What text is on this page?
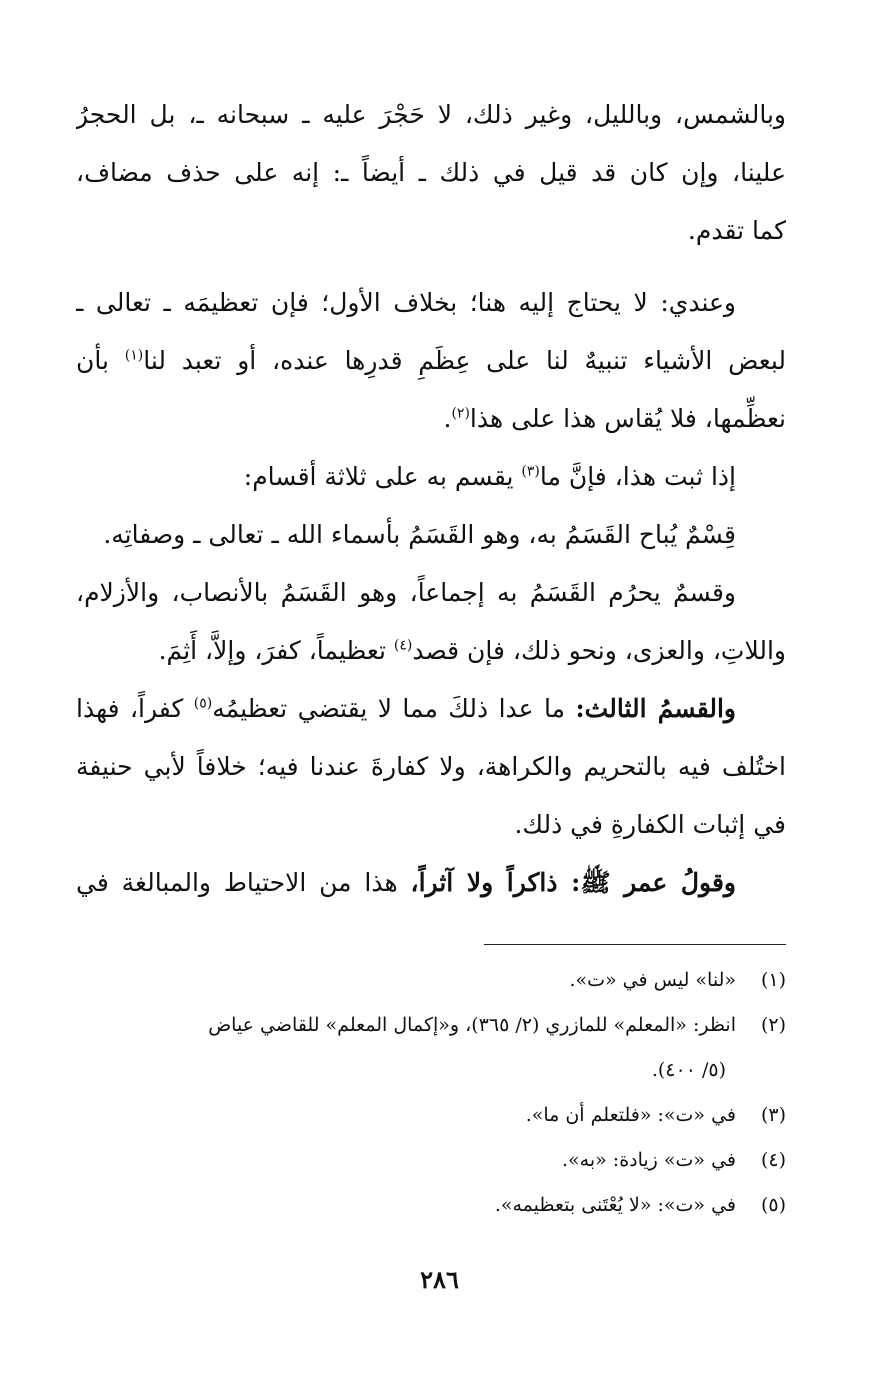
وبالشمس، وبالليل، وغير ذلك، لا حَجْرَ عليه ـ سبحانه ـ، بل الحجرُ
علينا، وإن كان قد قيل في ذلك ـ أيضاً ـ: إنه على حذف مضاف،
كما تقدم.
وعندي: لا يحتاج إليه هنا؛ بخلاف الأول؛ فإن تعظيمَه ـ تعالى ـ
لبعض الأشياء تنبيهٌ لنا على عِظَمِ قدرِها عنده، أو تعبد لنا$^{(١)}$ بأن
نعظِّمها، فلا يُقاس هذا على هذا$^{(٢)}$.
إذا ثبت هذا، فإنَّ ما$^{(٣)}$ يقسم به على ثلاثة أقسام:
قِسْمٌ يُباح القَسَمُ به، وهو القَسَمُ بأسماء الله ـ تعالى ـ وصفاتِه.
وقسمٌ يحرُم القَسَمُ به إجماعاً، وهو القَسَمُ بالأنصاب، والأزلام،
واللاتِ، والعزى، ونحو ذلك، فإن قصد$^{(٤)}$ تعظيماً، كفرَ، وإلاَّ، أَثِمَ.
والقسمُ الثالث: ما عدا ذلكَ مما لا يقتضي تعظيمُه$^{(٥)}$ كفراً، فهذا
اختُلف فيه بالتحريم والكراهة، ولا كفارةَ عندنا فيه؛ خلافاً لأبي حنيفة
في إثبات الكفارةِ في ذلك.
وقولُ عمر ﷺ: ذاكراً ولا آثراً، هذا من الاحتياط والمبالغة في
(١)
«لنا» ليس في «ت».
(٢)
انظر: «المعلم» للمازري (٢/ ٣٦٥)، و«إكمال المعلم» للقاضي عياض
(٥/ ٤٠٠).
(٣)
في «ت»: «فلتعلم أن ما».
(٤)
في «ت» زيادة: «به».
(٥)
في «ت»: «لا يُعْتَنى بتعظيمه».
٢٨٦
